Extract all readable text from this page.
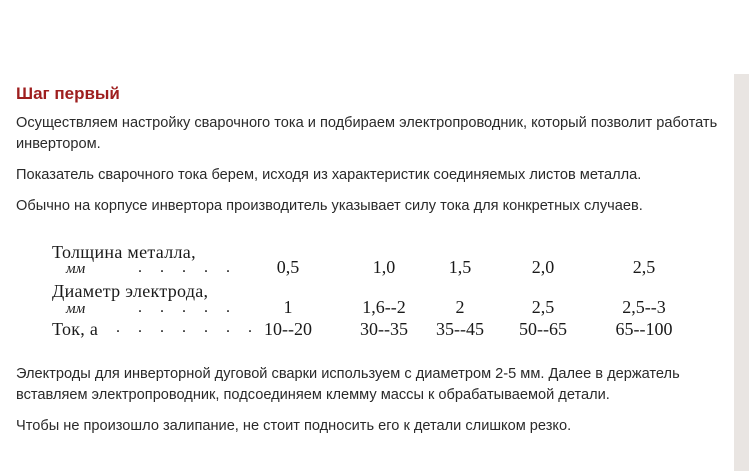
Шаг первый

Осуществляем настройку сварочного тока и подбираем электропроводник, который позволит работать инвертором.

Показатель сварочного тока берем, исходя из характеристик соединяемых листов металла.

Обычно на корпусе инвертора производитель указывает силу тока для конкретных случаев.

Толщина металла,
мм	. . . . .	0,5	1,0	1,5	2,0	2,5
Диаметр электрода,
мм	. . . . .	1	1,6--2	2	2,5	2,5--3
Ток, а . . . . . . . 10--20	30--35	35--45	50--65	65--100

Электроды для инверторной дуговой сварки используем с диаметром 2-5 мм. Далее в держатель вставляем электропроводник, подсоединяем клемму массы к обрабатываемой детали.

Чтобы не произошло залипание, не стоит подносить его к детали слишком резко.
